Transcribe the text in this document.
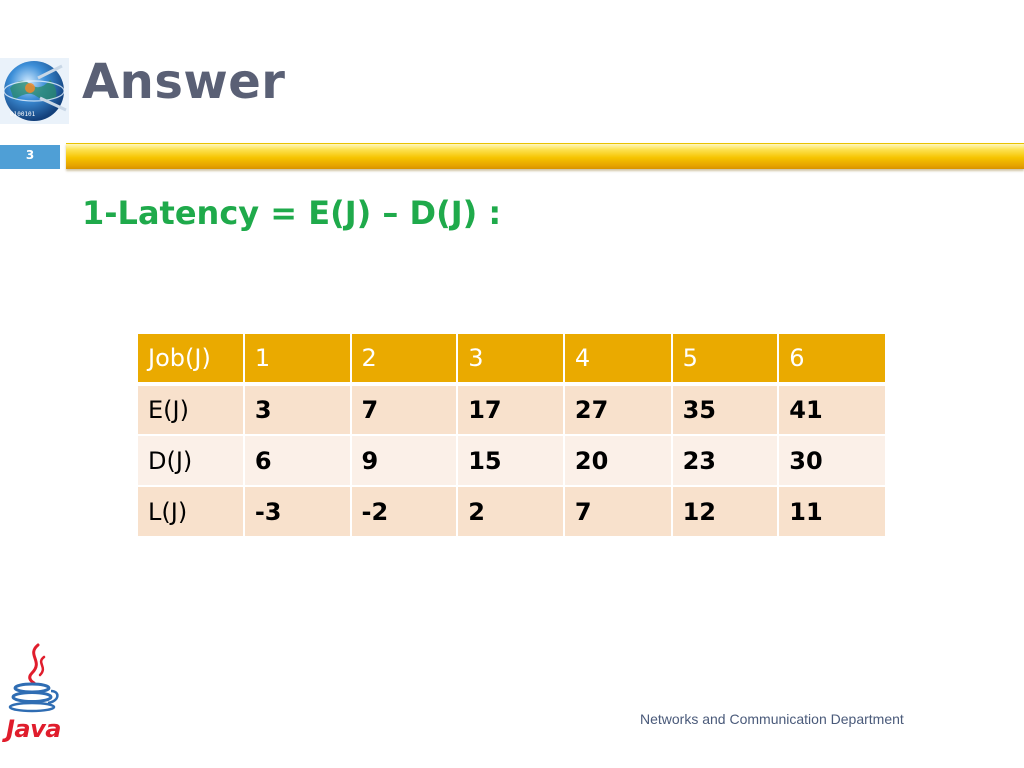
0100101
Answer
3
1-Latency = E(J) – D(J) :
Job(J)	1	2	3	4	5	6
E(J)	3	7	17	27	35	41
D(J)	6	9	15	20	23	30
L(J)	-3	-2	2	7	12	11
Java	Networks and Communication Department
